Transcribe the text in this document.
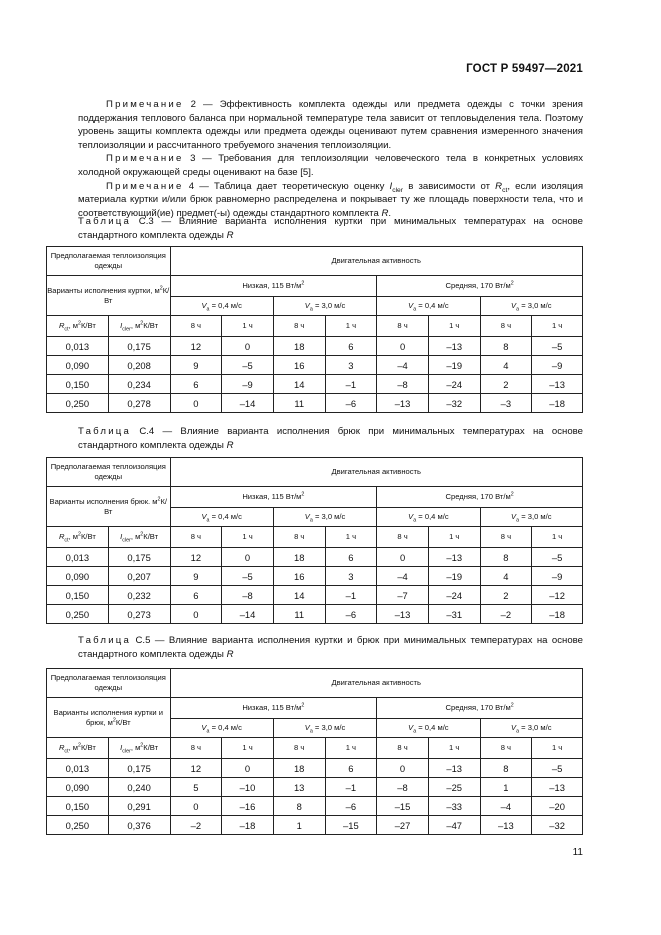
ГОСТ Р 59497—2021

Примечание 2 — Эффективность комплекта одежды или предмета одежды с точки зрения поддержания теплового баланса при нормальной температуре тела зависит от тепловыделения тела. Поэтому уровень защиты комплекта одежды или предмета одежды оценивают путем сравнения измеренного значения теплоизоляции и рассчитанного требуемого значения теплоизоляции.

Примечание 3 — Требования для теплоизоляции человеческого тела в конкретных условиях холодной окружающей среды оценивают на базе [5].

Примечание 4 — Таблица дает теоретическую оценку $I_{cler}$ в зависимости от $R_{ct}$, если изоляция материала куртки и/или брюк равномерно распределена и покрывает ту же площадь поверхности тела, что и соответствующий(ие) предмет(-ы) одежды стандартного комплекта R.

Таблица С.3 — Влияние варианта исполнения куртки при минимальных температурах на основе стандартного комплекта одежды R
Таблица С.4 — Влияние варианта исполнения брюк при минимальных температурах на основе стандартного комплекта одежды R
Таблица С.5 — Влияние варианта исполнения куртки и брюк при минимальных температурах на основе стандартного комплекта одежды R
Предполагаемая теплоизоляция одежды		Двигательная активность							
Варианты исполнения куртки, $м^2К/Вт$		Низкая, 115 $Вт/м^2$				Средняя, 170 $Вт/м^2$
		$V_a = 0,4$ м/с		$V_a = 3,0$ м/с		$V_a = 0,4$ м/с		$V_a = 3,0$ м/с	
$R_{ct}$, $м^2К/Вт$	$I_{cler}$, $м^2К/Вт$	8 ч	1 ч	8 ч	1 ч	8 ч	1 ч	8 ч	1 ч
0,013	0,175	12	0	18	6	0	–13	8	–5
0,090	0,208	9	–5	16	3	–4	–19	4	–9
0,150	0,234	6	–9	14	–1	–8	–24	2	–13
0,250	0,278	0	–14	11	–6	–13	–32	–3	–18
Предполагаемая теплоизоляция одежды		Двигательная активность							
Варианты исполнения брюк. $м^2К/Вт$		Низкая, 115 $Вт/м^2$				Средняя, 170 $Вт/м^2$
		$V_a = 0,4$ м/с		$V_a = 3,0$ м/с		$V_a = 0,4$ м/с		$V_a = 3,0$ м/с	
$R_{ct}$, $м^2К/Вт$	$I_{cler}$, $м^2К/Вт$	8 ч	1 ч	8 ч	1 ч	8 ч	1 ч	8 ч	1 ч
0,013	0,175	12	0	18	6	0	–13	8	–5
0,090	0,207	9	–5	16	3	–4	–19	4	–9
0,150	0,232	6	–8	14	–1	–7	–24	2	–12
0,250	0,273	0	–14	11	–6	–13	–31	–2	–18
Предполагаемая теплоизоляция одежды		Двигательная активность							
Варианты исполнения куртки и брюк, $м^2К/Вт$		Низкая, 115 $Вт/м^2$				Средняя, 170 $Вт/м^2$
		$V_a = 0,4$ м/с		$V_a = 3,0$ м/с		$V_a = 0,4$ м/с		$V_a = 3,0$ м/с	
$R_{ct}$, $м^2К/Вт$	$I_{cler}$, $м^2К/Вт$	8 ч	1 ч	8 ч	1 ч	8 ч	1 ч	8 ч	1 ч
0,013	0,175	12	0	18	6	0	–13	8	–5
0,090	0,240	5	–10	13	–1	–8	–25	1	–13
0,150	0,291	0	–16	8	–6	–15	–33	–4	–20
0,250	0,376	–2	–18	1	–15	–27	–47	–13	–32
11
